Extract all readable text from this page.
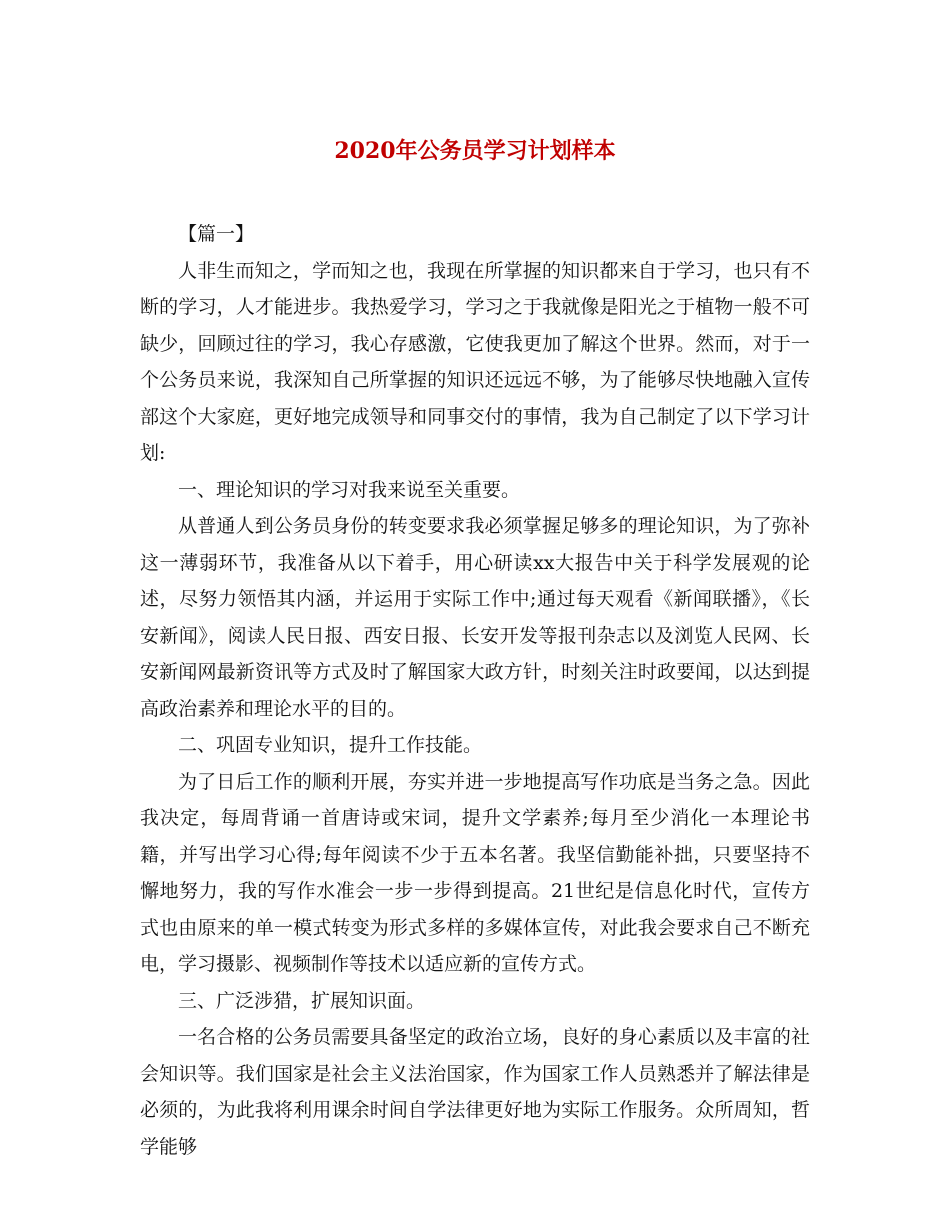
2020年公务员学习计划样本

【篇一】

人非生而知之，学而知之也，我现在所掌握的知识都来自于学习，也只有不断的学习，人才能进步。我热爱学习，学习之于我就像是阳光之于植物一般不可缺少，回顾过往的学习，我心存感激，它使我更加了解这个世界。然而，对于一个公务员来说，我深知自己所掌握的知识还远远不够，为了能够尽快地融入宣传部这个大家庭，更好地完成领导和同事交付的事情，我为自己制定了以下学习计划:

一、理论知识的学习对我来说至关重要。

从普通人到公务员身份的转变要求我必须掌握足够多的理论知识，为了弥补这一薄弱环节，我准备从以下着手，用心研读xx大报告中关于科学发展观的论述，尽努力领悟其内涵，并运用于实际工作中;通过每天观看《新闻联播》，《长安新闻》，阅读人民日报、西安日报、长安开发等报刊杂志以及浏览人民网、长安新闻网最新资讯等方式及时了解国家大政方针，时刻关注时政要闻，以达到提高政治素养和理论水平的目的。

二、巩固专业知识，提升工作技能。

为了日后工作的顺利开展，夯实并进一步地提高写作功底是当务之急。因此我决定，每周背诵一首唐诗或宋词，提升文学素养;每月至少消化一本理论书籍，并写出学习心得;每年阅读不少于五本名著。我坚信勤能补拙，只要坚持不懈地努力，我的写作水准会一步一步得到提高。21世纪是信息化时代，宣传方式也由原来的单一模式转变为形式多样的多媒体宣传，对此我会要求自己不断充电，学习摄影、视频制作等技术以适应新的宣传方式。

三、广泛涉猎，扩展知识面。

一名合格的公务员需要具备坚定的政治立场，良好的身心素质以及丰富的社会知识等。我们国家是社会主义法治国家，作为国家工作人员熟悉并了解法律是必须的，为此我将利用课余时间自学法律更好地为实际工作服务。众所周知，哲学能够
